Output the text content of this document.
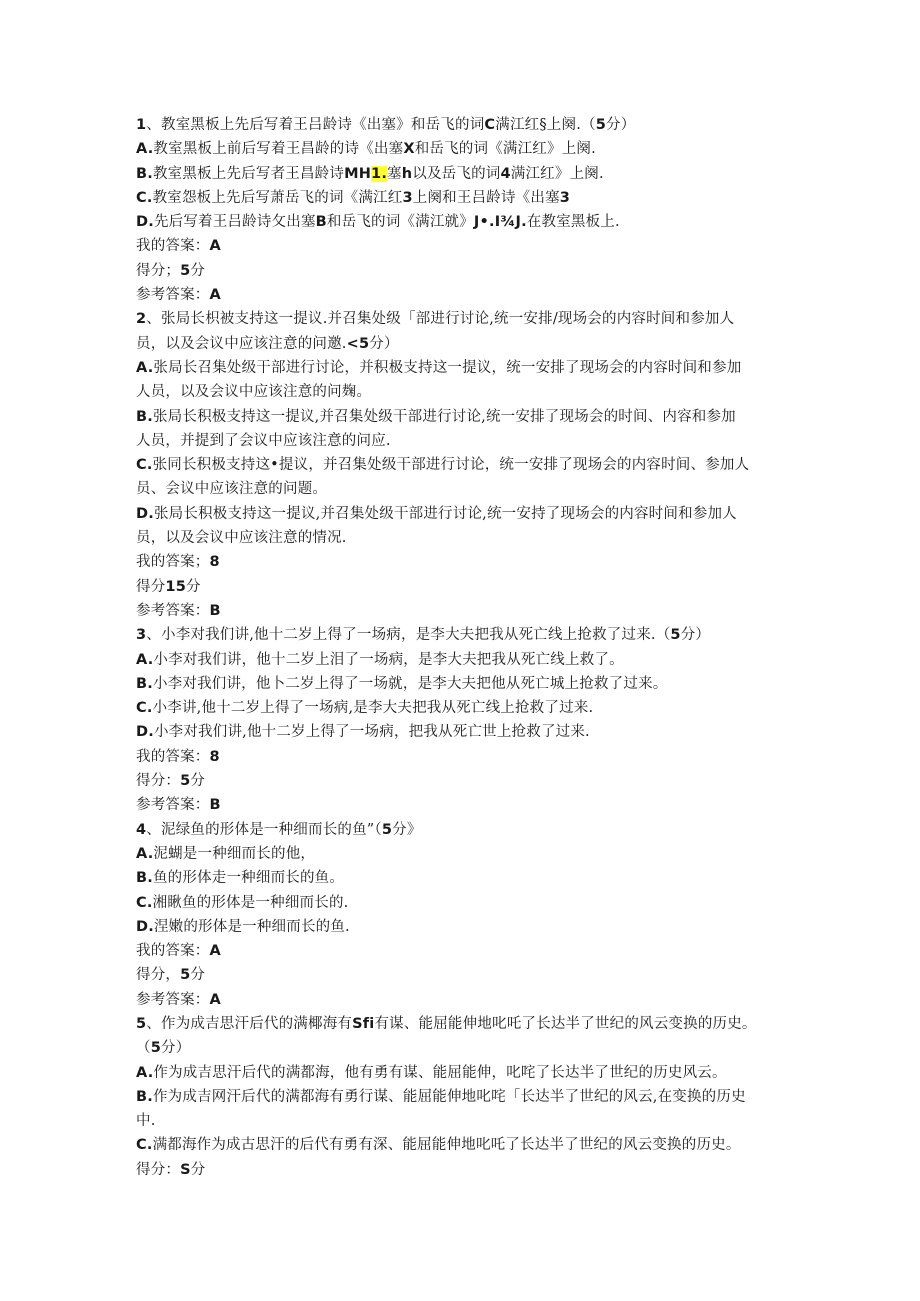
1、教室黑板上先后写着王吕龄诗《出塞》和岳飞的词C满江红§上阕.（5分）
A.教室黑板上前后写着王昌龄的诗《出塞X和岳飞的词《满江红》上阕.
B.教室黑板上先后写者王昌龄诗MH1.塞h以及岳飞的词4满江红》上阕.
C.教室怨板上先后写萧岳飞的词《满江红3上阕和王吕龄诗《出塞3
D.先后写着王吕龄诗攵出塞B和岳飞的词《满江就》J•.I¾J.在教室黑板上.
我的答案：A
得分；5分
参考答案：A
2、张局长枳被支持这一提议.并召集处级「部进行讨论,统一安排/现场会的内容时间和参加人
员，以及会议中应该注意的问邀.<5分）
A.张局长召集处级干部进行讨论，并积极支持这一提议，统一安排了现场会的内容时间和参加
人员，以及会议中应该注意的问麹。
B.张局长积极支持这一提议,并召集处级干部进行讨论,统一安排了现场会的时间、内容和参加
人员，并提到了会议中应该注意的问应.
C.张同长积极支持这•提议，并召集处级干部进行讨论，统一安排了现场会的内容时间、参加人
员、会议中应该注意的问题。
D.张局长积极支持这一提议,并召集处级干部进行讨论,统一安持了现场会的内容时间和参加人
员，以及会议中应该注意的情况.
我的答案；8
得分15分
参考答案：B
3、小李对我们讲,他十二岁上得了一场病，是李大夫把我从死亡线上抢救了过来.（5分）
A.小李对我们讲，他十二岁上泪了一场病，是李大夫把我从死亡线上救了。
B.小李对我们讲，他卜二岁上得了一场就，是李大夫把他从死亡城上抢救了过来。
C.小李讲,他十二岁上得了一场病,是李大夫把我从死亡线上抢救了过来.
D.小李对我们讲,他十二岁上得了一场病，把我从死亡世上抢救了过来.
我的答案：8
得分：5分
参考答案：B
4、泥绿鱼的形体是一种细而长的鱼”（5分》
A.泥蝴是一种细而长的他，
B.鱼的形体走一种细而长的鱼。
C.湘瞅鱼的形体是一种细而长的.
D.涅嫩的形体是一种细而长的鱼.
我的答案：A
得分，5分
参考答案：A
5、作为成吉思汗后代的满椰海有Sfi有谋、能屈能伸地叱吒了长达半了世纪的风云变换的历史。
（5分）
A.作为成吉思汗后代的满都海，他有勇有谋、能屈能伸，叱咤了长达半了世纪的历史风云。
B.作为成吉网汗后代的满都海有勇行谋、能屈能伸地叱咤「长达半了世纪的风云,在变换的历史
中.
C.满都海作为成古思汗的后代有勇有深、能屈能伸地叱吒了长达半了世纪的风云变换的历史。
得分：S分
